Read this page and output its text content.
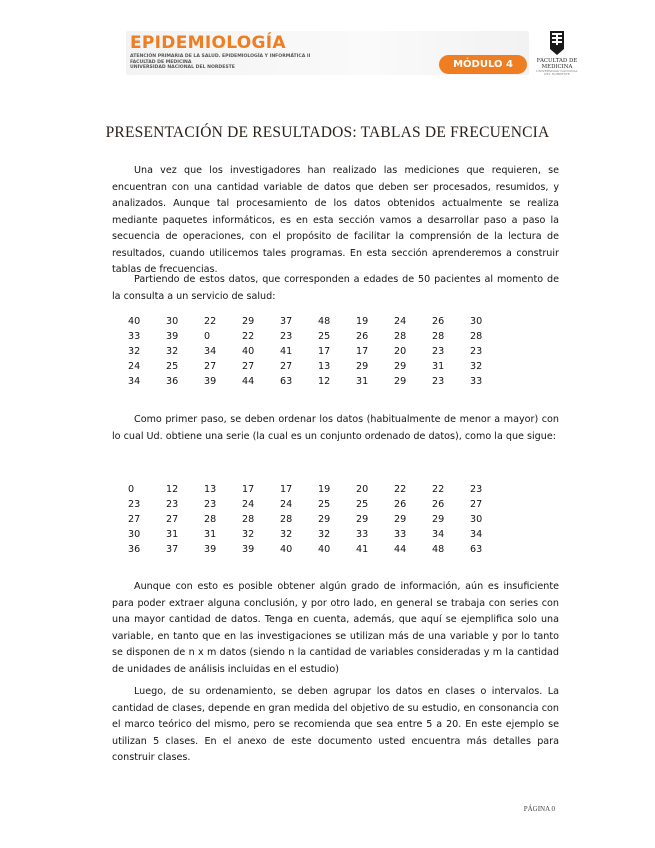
EPIDEMIOLOGÍA
ATENCIÓN PRIMARIA DE LA SALUD. EPIDEMIOLOGÍA Y INFORMÁTICA II
FACULTAD DE MEDICINA
UNIVERSIDAD NACIONAL DEL NORDESTE	MÓDULO 4	FACULTAD DE MEDICINA
UNIVERSIDAD NACIONAL DEL NORDESTE
PRESENTACIÓN DE RESULTADOS: TABLAS DE FRECUENCIA
Una vez que los investigadores han realizado las mediciones que requieren, se encuentran con una cantidad variable de datos que deben ser procesados, resumidos, y analizados. Aunque tal procesamiento de los datos obtenidos actualmente se realiza mediante paquetes informáticos, es en esta sección vamos a desarrollar paso a paso la secuencia de operaciones, con el propósito de facilitar la comprensión de la lectura de resultados, cuando utilicemos tales programas. En esta sección aprenderemos a construir tablas de frecuencias.
Partiendo de estos datos, que corresponden a edades de 50 pacientes al momento de la consulta a un servicio de salud:
40	30	22	29	37	48	19	24	26	30
33	39	0	22	23	25	26	28	28	28
32	32	34	40	41	17	17	20	23	23
24	25	27	27	27	13	29	29	31	32
34	36	39	44	63	12	31	29	23	33
Como primer paso, se deben ordenar los datos (habitualmente de menor a mayor) con lo cual Ud. obtiene una serie (la cual es un conjunto ordenado de datos), como la que sigue:
0	12	13	17	17	19	20	22	22	23
23	23	23	24	24	25	25	26	26	27
27	27	28	28	28	29	29	29	29	30
30	31	31	32	32	32	33	33	34	34
36	37	39	39	40	40	41	44	48	63
Aunque con esto es posible obtener algún grado de información, aún es insuficiente para poder extraer alguna conclusión, y por otro lado, en general se trabaja con series con una mayor cantidad de datos. Tenga en cuenta, además, que aquí se ejemplifica solo una variable, en tanto que en las investigaciones se utilizan más de una variable y por lo tanto se disponen de n x m datos (siendo n la cantidad de variables consideradas y m la cantidad de unidades de análisis incluidas en el estudio)
Luego, de su ordenamiento, se deben agrupar los datos en clases o intervalos. La cantidad de clases, depende en gran medida del objetivo de su estudio, en consonancia con el marco teórico del mismo, pero se recomienda que sea entre 5 a 20. En este ejemplo se utilizan 5 clases. En el anexo de este documento usted encuentra más detalles para construir clases.
PÁGINA 0
